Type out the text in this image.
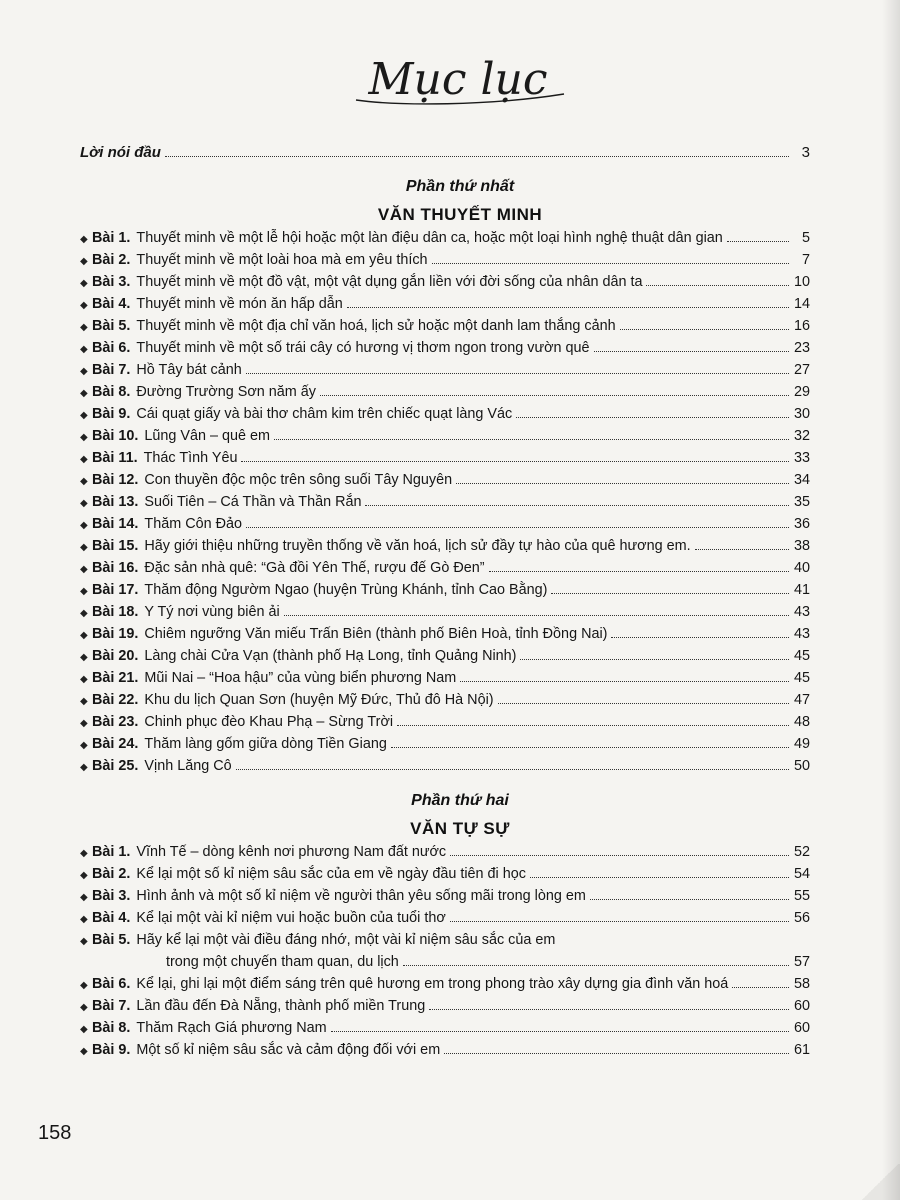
Mục lục
Lời nói đầu	3
Phần thứ nhất
VĂN THUYẾT MINH
◆ Bài 1. Thuyết minh về một lễ hội hoặc một làn điệu dân ca, hoặc một loại hình nghệ thuật dân gian	5
◆ Bài 2. Thuyết minh về một loài hoa mà em yêu thích	7
◆ Bài 3. Thuyết minh về một đồ vật, một vật dụng gắn liền với đời sống của nhân dân ta	10
◆ Bài 4. Thuyết minh về món ăn hấp dẫn	14
◆ Bài 5. Thuyết minh về một địa chỉ văn hoá, lịch sử hoặc một danh lam thắng cảnh	16
◆ Bài 6. Thuyết minh về một số trái cây có hương vị thơm ngon trong vườn quê	23
◆ Bài 7. Hồ Tây bát cảnh	27
◆ Bài 8. Đường Trường Sơn năm ấy	29
◆ Bài 9. Cái quạt giấy và bài thơ châm kim trên chiếc quạt làng Vác	30
◆ Bài 10. Lũng Vân – quê em	32
◆ Bài 11. Thác Tình Yêu	33
◆ Bài 12. Con thuyền độc mộc trên sông suối Tây Nguyên	34
◆ Bài 13. Suối Tiên – Cá Thần và Thần Rắn	35
◆ Bài 14. Thăm Côn Đảo	36
◆ Bài 15. Hãy giới thiệu những truyền thống về văn hoá, lịch sử đầy tự hào của quê hương em.	38
◆ Bài 16. Đặc sản nhà quê: “Gà đồi Yên Thế, rượu đế Gò Đen”	40
◆ Bài 17. Thăm động Ngườm Ngao (huyện Trùng Khánh, tỉnh Cao Bằng)	41
◆ Bài 18. Y Tý nơi vùng biên ải	43
◆ Bài 19. Chiêm ngưỡng Văn miếu Trấn Biên (thành phố Biên Hoà, tỉnh Đồng Nai)	43
◆ Bài 20. Làng chài Cửa Vạn (thành phố Hạ Long, tỉnh Quảng Ninh)	45
◆ Bài 21. Mũi Nai – “Hoa hậu” của vùng biển phương Nam	45
◆ Bài 22. Khu du lịch Quan Sơn (huyện Mỹ Đức, Thủ đô Hà Nội)	47
◆ Bài 23. Chinh phục đèo Khau Phạ – Sừng Trời	48
◆ Bài 24. Thăm làng gốm giữa dòng Tiền Giang	49
◆ Bài 25. Vịnh Lăng Cô	50
Phần thứ hai
VĂN TỰ SỰ
◆ Bài 1. Vĩnh Tế – dòng kênh nơi phương Nam đất nước	52
◆ Bài 2. Kể lại một số kỉ niệm sâu sắc của em về ngày đầu tiên đi học	54
◆ Bài 3. Hình ảnh và một số kỉ niệm về người thân yêu sống mãi trong lòng em	55
◆ Bài 4. Kể lại một vài kỉ niệm vui hoặc buồn của tuổi thơ	56
◆ Bài 5. Hãy kể lại một vài điều đáng nhớ, một vài kỉ niệm sâu sắc của em
trong một chuyến tham quan, du lịch	57
◆ Bài 6. Kể lại, ghi lại một điểm sáng trên quê hương em trong phong trào xây dựng gia đình văn hoá	58
◆ Bài 7. Lần đầu đến Đà Nẵng, thành phố miền Trung	60
◆ Bài 8. Thăm Rạch Giá phương Nam	60
◆ Bài 9. Một số kỉ niệm sâu sắc và cảm động đối với em	61
158
